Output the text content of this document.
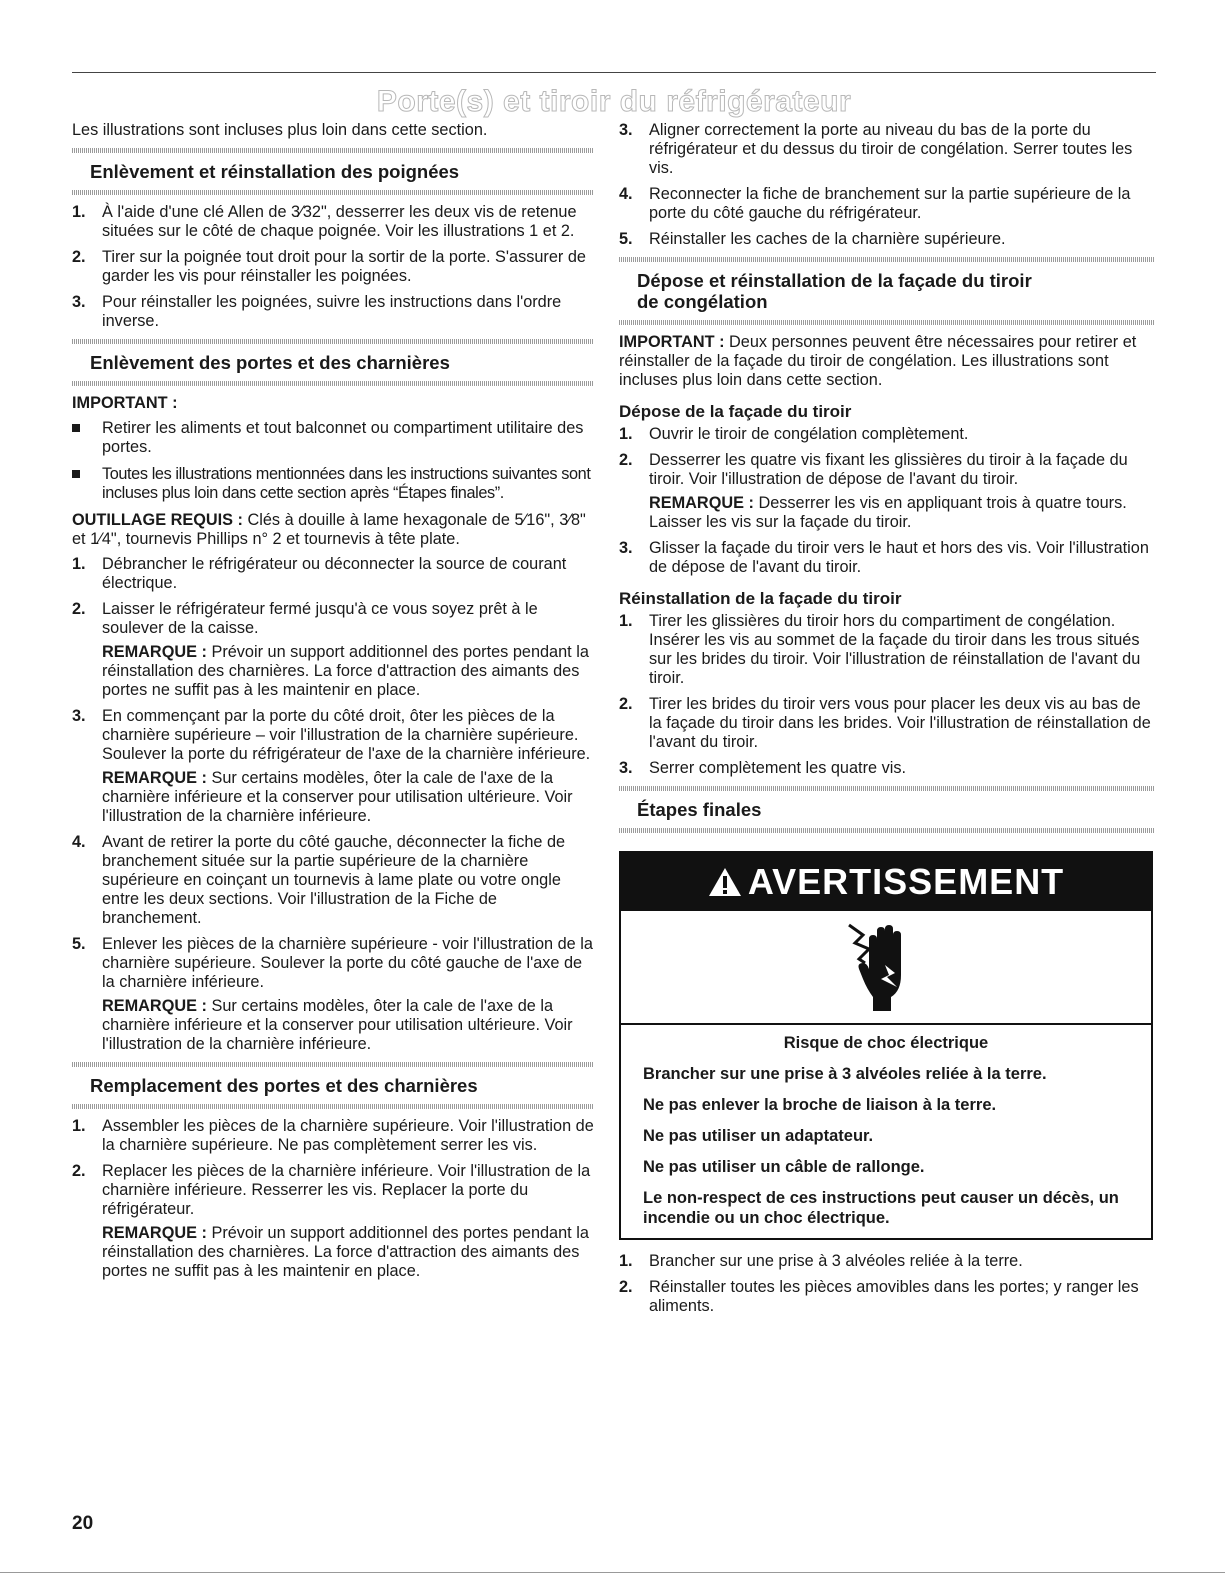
Porte(s) et tiroir du réfrigérateur

Les illustrations sont incluses plus loin dans cette section.

Enlèvement et réinstallation des poignées
1. À l'aide d'une clé Allen de 3⁄32", desserrer les deux vis de retenue situées sur le côté de chaque poignée. Voir les illustrations 1 et 2.
2. Tirer sur la poignée tout droit pour la sortir de la porte. S'assurer de garder les vis pour réinstaller les poignées.
3. Pour réinstaller les poignées, suivre les instructions dans l'ordre inverse.
Enlèvement des portes et des charnières

IMPORTANT :

Retirer les aliments et tout balconnet ou compartiment utilitaire des portes.
Toutes les illustrations mentionnées dans les instructions suivantes sont incluses plus loin dans cette section après “Étapes finales”.

OUTILLAGE REQUIS : Clés à douille à lame hexagonale de 5⁄16", 3⁄8" et 1⁄4", tournevis Phillips n° 2 et tournevis à tête plate.

1. Débrancher le réfrigérateur ou déconnecter la source de courant électrique.
2. Laisser le réfrigérateur fermé jusqu'à ce vous soyez prêt à le soulever de la caisse.
REMARQUE : Prévoir un support additionnel des portes pendant la réinstallation des charnières. La force d'attraction des aimants des portes ne suffit pas à les maintenir en place.
3. En commençant par la porte du côté droit, ôter les pièces de la charnière supérieure – voir l'illustration de la charnière supérieure. Soulever la porte du réfrigérateur de l'axe de la charnière inférieure.
REMARQUE : Sur certains modèles, ôter la cale de l'axe de la charnière inférieure et la conserver pour utilisation ultérieure. Voir l'illustration de la charnière inférieure.
4. Avant de retirer la porte du côté gauche, déconnecter la fiche de branchement située sur la partie supérieure de la charnière supérieure en coinçant un tournevis à lame plate ou votre ongle entre les deux sections. Voir l'illustration de la Fiche de branchement.
5. Enlever les pièces de la charnière supérieure - voir l'illustration de la charnière supérieure. Soulever la porte du côté gauche de l'axe de la charnière inférieure.
REMARQUE : Sur certains modèles, ôter la cale de l'axe de la charnière inférieure et la conserver pour utilisation ultérieure. Voir l'illustration de la charnière inférieure.
Remplacement des portes et des charnières
1. Assembler les pièces de la charnière supérieure. Voir l'illustration de la charnière supérieure. Ne pas complètement serrer les vis.
2. Replacer les pièces de la charnière inférieure. Voir l'illustration de la charnière inférieure. Resserrer les vis. Replacer la porte du réfrigérateur.
REMARQUE : Prévoir un support additionnel des portes pendant la réinstallation des charnières. La force d'attraction des aimants des portes ne suffit pas à les maintenir en place.
3. Aligner correctement la porte au niveau du bas de la porte du réfrigérateur et du dessus du tiroir de congélation. Serrer toutes les vis.
4. Reconnecter la fiche de branchement sur la partie supérieure de la porte du côté gauche du réfrigérateur.
5. Réinstaller les caches de la charnière supérieure.
Dépose et réinstallation de la façade du tiroir
de congélation

IMPORTANT : Deux personnes peuvent être nécessaires pour retirer et réinstaller de la façade du tiroir de congélation. Les illustrations sont incluses plus loin dans cette section.

Dépose de la façade du tiroir
1. Ouvrir le tiroir de congélation complètement.
2. Desserrer les quatre vis fixant les glissières du tiroir à la façade du tiroir. Voir l'illustration de dépose de l'avant du tiroir.
REMARQUE : Desserrer les vis en appliquant trois à quatre tours. Laisser les vis sur la façade du tiroir.
3. Glisser la façade du tiroir vers le haut et hors des vis. Voir l'illustration de dépose de l'avant du tiroir.
Réinstallation de la façade du tiroir
1. Tirer les glissières du tiroir hors du compartiment de congélation. Insérer les vis au sommet de la façade du tiroir dans les trous situés sur les brides du tiroir. Voir l'illustration de réinstallation de l'avant du tiroir.
2. Tirer les brides du tiroir vers vous pour placer les deux vis au bas de la façade du tiroir dans les brides. Voir l'illustration de réinstallation de l'avant du tiroir.
3. Serrer complètement les quatre vis.
Étapes finales
AVERTISSEMENT

Risque de choc électrique

Brancher sur une prise à 3 alvéoles reliée à la terre.

Ne pas enlever la broche de liaison à la terre.

Ne pas utiliser un adaptateur.

Ne pas utiliser un câble de rallonge.

Le non-respect de ces instructions peut causer un décès, un incendie ou un choc électrique.

1. Brancher sur une prise à 3 alvéoles reliée à la terre.
2. Réinstaller toutes les pièces amovibles dans les portes; y ranger les aliments.
20
